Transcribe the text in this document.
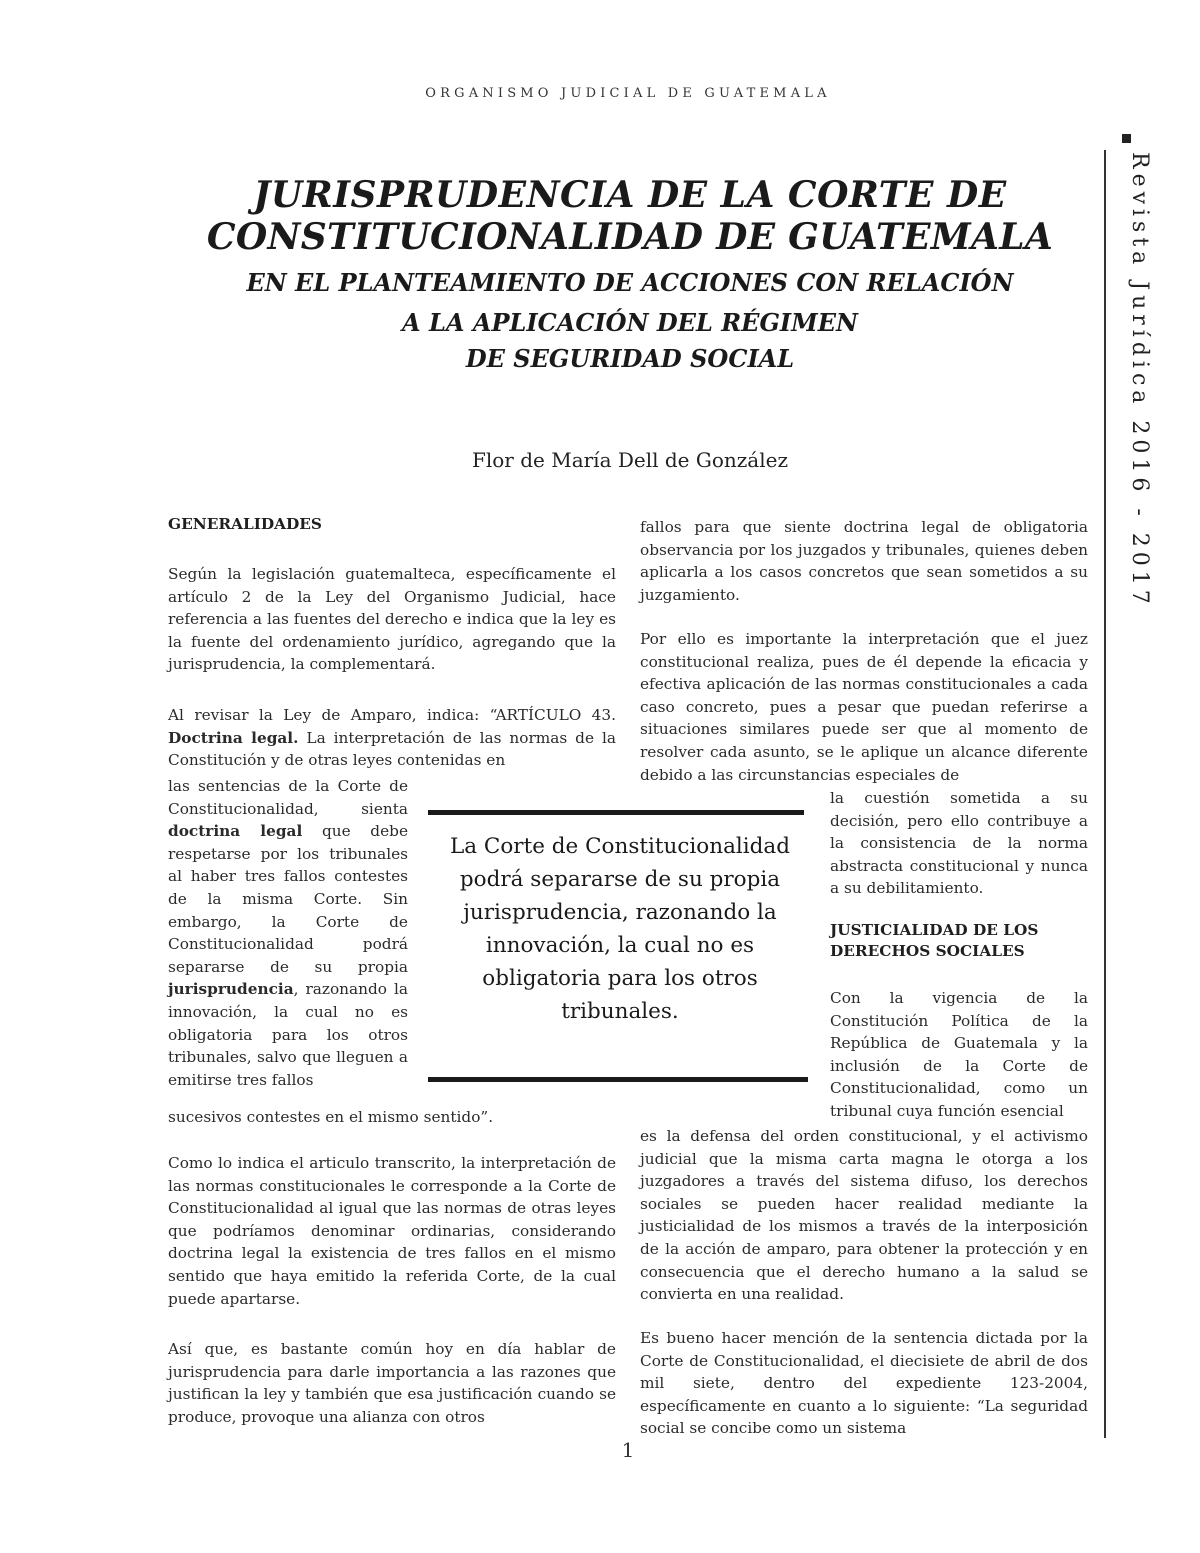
ORGANISMO JUDICIAL DE GUATEMALA
JURISPRUDENCIA DE LA CORTE DE
CONSTITUCIONALIDAD DE GUATEMALA
EN EL PLANTEAMIENTO DE ACCIONES CON RELACIÓN
A LA APLICACIÓN DEL RÉGIMEN
DE SEGURIDAD SOCIAL
Flor de María Dell de González	Revista Jurídica 2016 - 2017
GENERALIDADES

Según la legislación guatemalteca, específicamente el artículo 2 de la Ley del Organismo Judicial, hace referencia a las fuentes del derecho e indica que la ley es la fuente del ordenamiento jurídico, agregando que la jurisprudencia, la complementará.

Al revisar la Ley de Amparo, indica: “ARTÍCULO 43. Doctrina legal. La interpretación de las normas de la Constitución y de otras leyes contenidas en

las sentencias de la Corte de Constitucionalidad, sienta doctrina legal que debe respetarse por los tribunales al haber tres fallos contestes de la misma Corte. Sin embargo, la Corte de Constitucionalidad podrá separarse de su propia jurisprudencia, razonando la innovación, la cual no es obligatoria para los otros tribunales, salvo que lleguen a emitirse tres fallos

sucesivos contestes en el mismo sentido”.

Como lo indica el articulo transcrito, la interpretación de las normas constitucionales le corresponde a la Corte de Constitucionalidad al igual que las normas de otras leyes que podríamos denominar ordinarias, considerando doctrina legal la existencia de tres fallos en el mismo sentido que haya emitido la referida Corte, de la cual puede apartarse.

Así que, es bastante común hoy en día hablar de jurisprudencia para darle importancia a las razones que justifican la ley y también que esa justificación cuando se produce, provoque una alianza con otros

La Corte de Constitucionalidad podrá separarse de su propia jurisprudencia, razonando la innovación, la cual no es obligatoria para los otros tribunales.

fallos para que siente doctrina legal de obligatoria observancia por los juzgados y tribunales, quienes deben aplicarla a los casos concretos que sean sometidos a su juzgamiento.

Por ello es importante la interpretación que el juez constitucional realiza, pues de él depende la eficacia y efectiva aplicación de las normas constitucionales a cada caso concreto, pues a pesar que puedan referirse a situaciones similares puede ser que al momento de resolver cada asunto, se le aplique un alcance diferente debido a las circunstancias especiales de

la cuestión sometida a su decisión, pero ello contribuye a la consistencia de la norma abstracta constitucional y nunca a su debilitamiento.

JUSTICIALIDAD DE LOS DERECHOS SOCIALES

Con la vigencia de la Constitución Política de la República de Guatemala y la inclusión de la Corte de Constitucionalidad, como un tribunal cuya función esencial

es la defensa del orden constitucional, y el activismo judicial que la misma carta magna le otorga a los juzgadores a través del sistema difuso, los derechos sociales se pueden hacer realidad mediante la justicialidad de los mismos a través de la interposición de la acción de amparo, para obtener la protección y en consecuencia que el derecho humano a la salud se convierta en una realidad.

Es bueno hacer mención de la sentencia dictada por la Corte de Constitucionalidad, el diecisiete de abril de dos mil siete, dentro del expediente 123-2004, específicamente en cuanto a lo siguiente: “La seguridad social se concibe como un sistema

1
